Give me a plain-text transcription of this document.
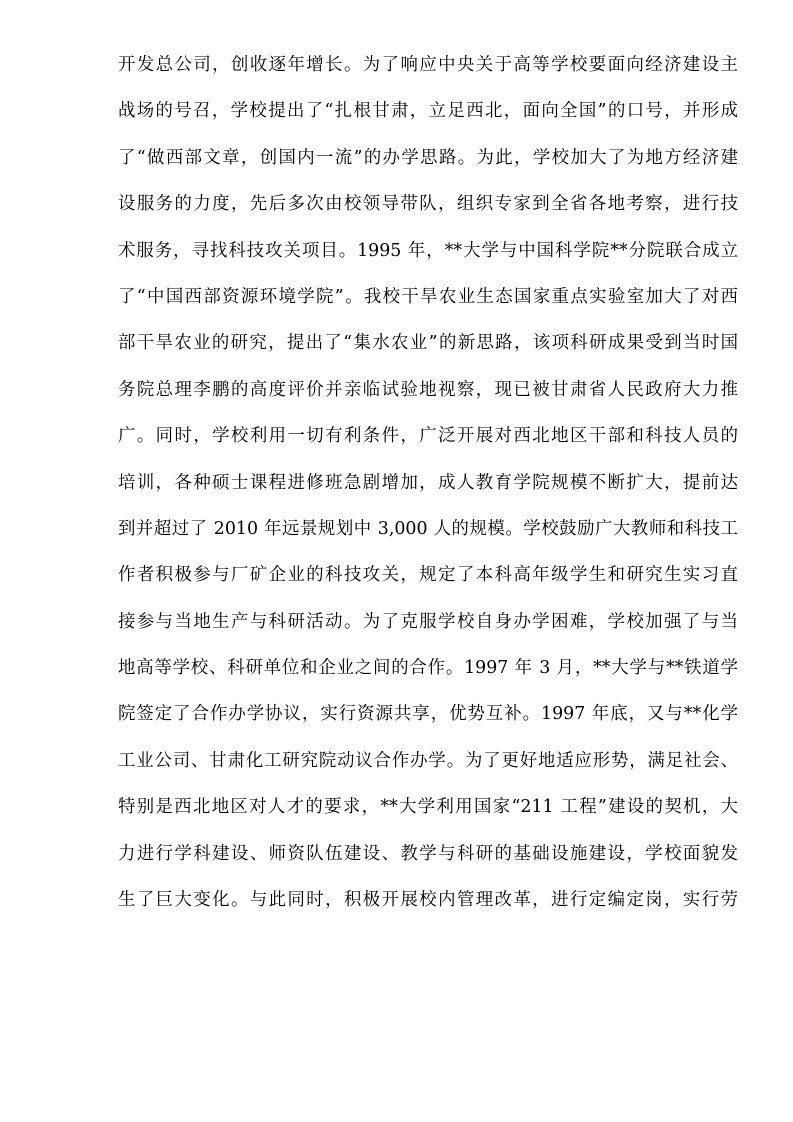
开发总公司，创收逐年增长。为了响应中央关于高等学校要面向经济建设主
战场的号召，学校提出了“扎根甘肃，立足西北，面向全国”的口号，并形成
了“做西部文章，创国内一流”的办学思路。为此，学校加大了为地方经济建
设服务的力度，先后多次由校领导带队，组织专家到全省各地考察，进行技
术服务，寻找科技攻关项目。1995 年，**大学与中国科学院**分院联合成立
了“中国西部资源环境学院”。我校干旱农业生态国家重点实验室加大了对西
部干旱农业的研究，提出了“集水农业”的新思路，该项科研成果受到当时国
务院总理李鹏的高度评价并亲临试验地视察，现已被甘肃省人民政府大力推
广。同时，学校利用一切有利条件，广泛开展对西北地区干部和科技人员的
培训，各种硕士课程进修班急剧增加，成人教育学院规模不断扩大，提前达
到并超过了 2010 年远景规划中 3,000 人的规模。学校鼓励广大教师和科技工
作者积极参与厂矿企业的科技攻关，规定了本科高年级学生和研究生实习直
接参与当地生产与科研活动。为了克服学校自身办学困难，学校加强了与当
地高等学校、科研单位和企业之间的合作。1997 年 3 月，**大学与**铁道学
院签定了合作办学协议，实行资源共享，优势互补。1997 年底，又与**化学
工业公司、甘肃化工研究院动议合作办学。为了更好地适应形势，满足社会、
特别是西北地区对人才的要求，**大学利用国家“211 工程”建设的契机，大
力进行学科建设、师资队伍建设、教学与科研的基础设施建设，学校面貌发
生了巨大变化。与此同时，积极开展校内管理改革，进行定编定岗，实行劳
